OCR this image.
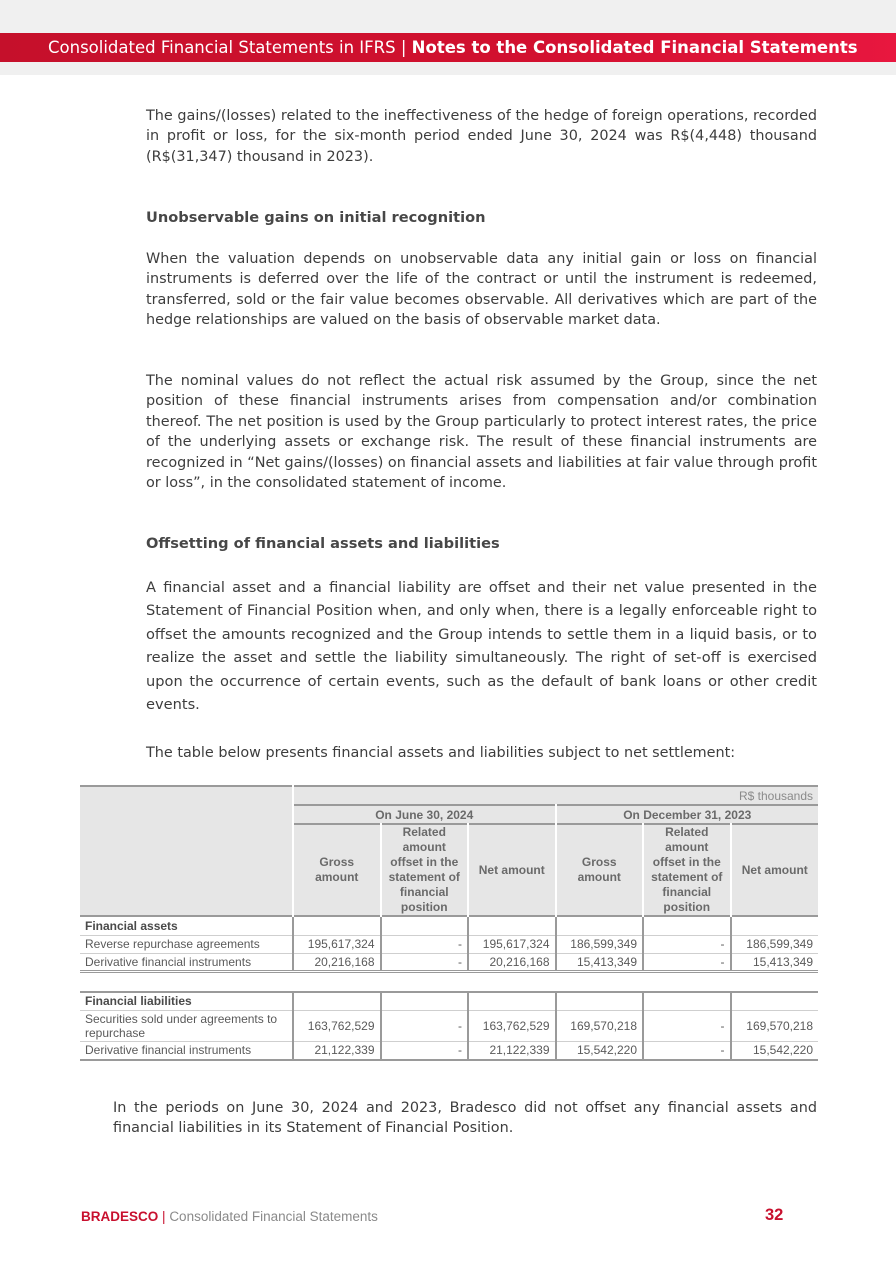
Consolidated Financial Statements in IFRS | Notes to the Consolidated Financial Statements

The gains/(losses) related to the ineffectiveness of the hedge of foreign operations, recorded in profit or loss, for the six-month period ended June 30, 2024 was R$(4,448) thousand (R$(31,347) thousand in 2023).

Unobservable gains on initial recognition

When the valuation depends on unobservable data any initial gain or loss on financial instruments is deferred over the life of the contract or until the instrument is redeemed, transferred, sold or the fair value becomes observable. All derivatives which are part of the hedge relationships are valued on the basis of observable market data.

The nominal values do not reflect the actual risk assumed by the Group, since the net position of these financial instruments arises from compensation and/or combination thereof. The net position is used by the Group particularly to protect interest rates, the price of the underlying assets or exchange risk. The result of these financial instruments are recognized in “Net gains/(losses) on financial assets and liabilities at fair value through profit or loss”, in the consolidated statement of income.

Offsetting of financial assets and liabilities

A financial asset and a financial liability are offset and their net value presented in the Statement of Financial Position when, and only when, there is a legally enforceable right to offset the amounts recognized and the Group intends to settle them in a liquid basis, or to realize the asset and settle the liability simultaneously. The right of set-off is exercised upon the occurrence of certain events, such as the default of bank loans or other credit events.

The table below presents financial assets and liabilities subject to net settlement:

	R$ thousands					
	On June 30, 2024			On December 31, 2023		
	Gross amount	Related amount offset in the statement of financial position	Net amount	Gross amount	Related amount offset in the statement of financial position	Net amount
Financial assets						
Reverse repurchase agreements	195,617,324	-	195,617,324	186,599,349	-	186,599,349
Derivative financial instruments	20,216,168	-	20,216,168	15,413,349	-	15,413,349

Financial liabilities						
Securities sold under agreements to repurchase	163,762,529	-	163,762,529	169,570,218	-	169,570,218
Derivative financial instruments	21,122,339	-	21,122,339	15,542,220	-	15,542,220

In the periods on June 30, 2024 and 2023, Bradesco did not offset any financial assets and financial liabilities in its Statement of Financial Position.

BRADESCO | Consolidated Financial Statements	32
